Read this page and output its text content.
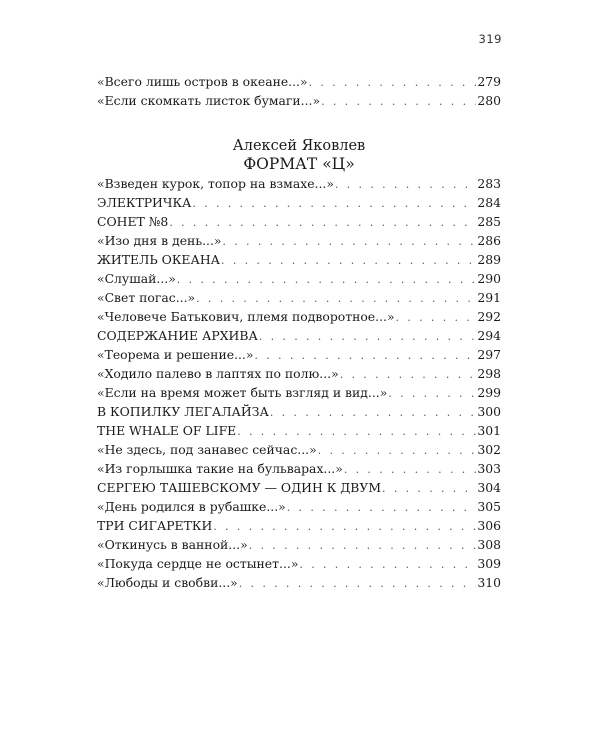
319
«Всего лишь остров в океане...» . . .	279
«Если скомкать листок бумаги...» . . .	280
Алексей Яковлев
ФОРМАТ «Ц»
«Взведен курок, топор на взмахе...» . . .	283
ЭЛЕКТРИЧКА . . .	284
СОНЕТ №8 . . .	285
«Изо дня в день...» . . .	286
ЖИТЕЛЬ ОКЕАНА . . .	289
«Слушай...» . . .	290
«Свет погас...» . . .	291
«Человече Батькович, племя подворотное...» . . .	292
СОДЕРЖАНИЕ АРХИВА . . .	294
«Теорема и решение...» . . .	297
«Ходило палево в лаптях по полю...» . . .	298
«Если на время может быть взгляд и вид...» . . .	299
В КОПИЛКУ ЛЕГАЛАЙЗА . . .	300
THE WHALE OF LIFE . . .	301
«Не здесь, под занавес сейчас...» . . .	302
«Из горлышка такие на бульварах...» . . .	303
СЕРГЕЮ ТАШЕВСКОМУ — ОДИН К ДВУМ . . .	304
«День родился в рубашке...» . . .	305
ТРИ СИГАРЕТКИ . . .	306
«Откинусь в ванной...» . . .	308
«Покуда сердце не остынет...» . . .	309
«Любоды и свобви...» . . .	310
